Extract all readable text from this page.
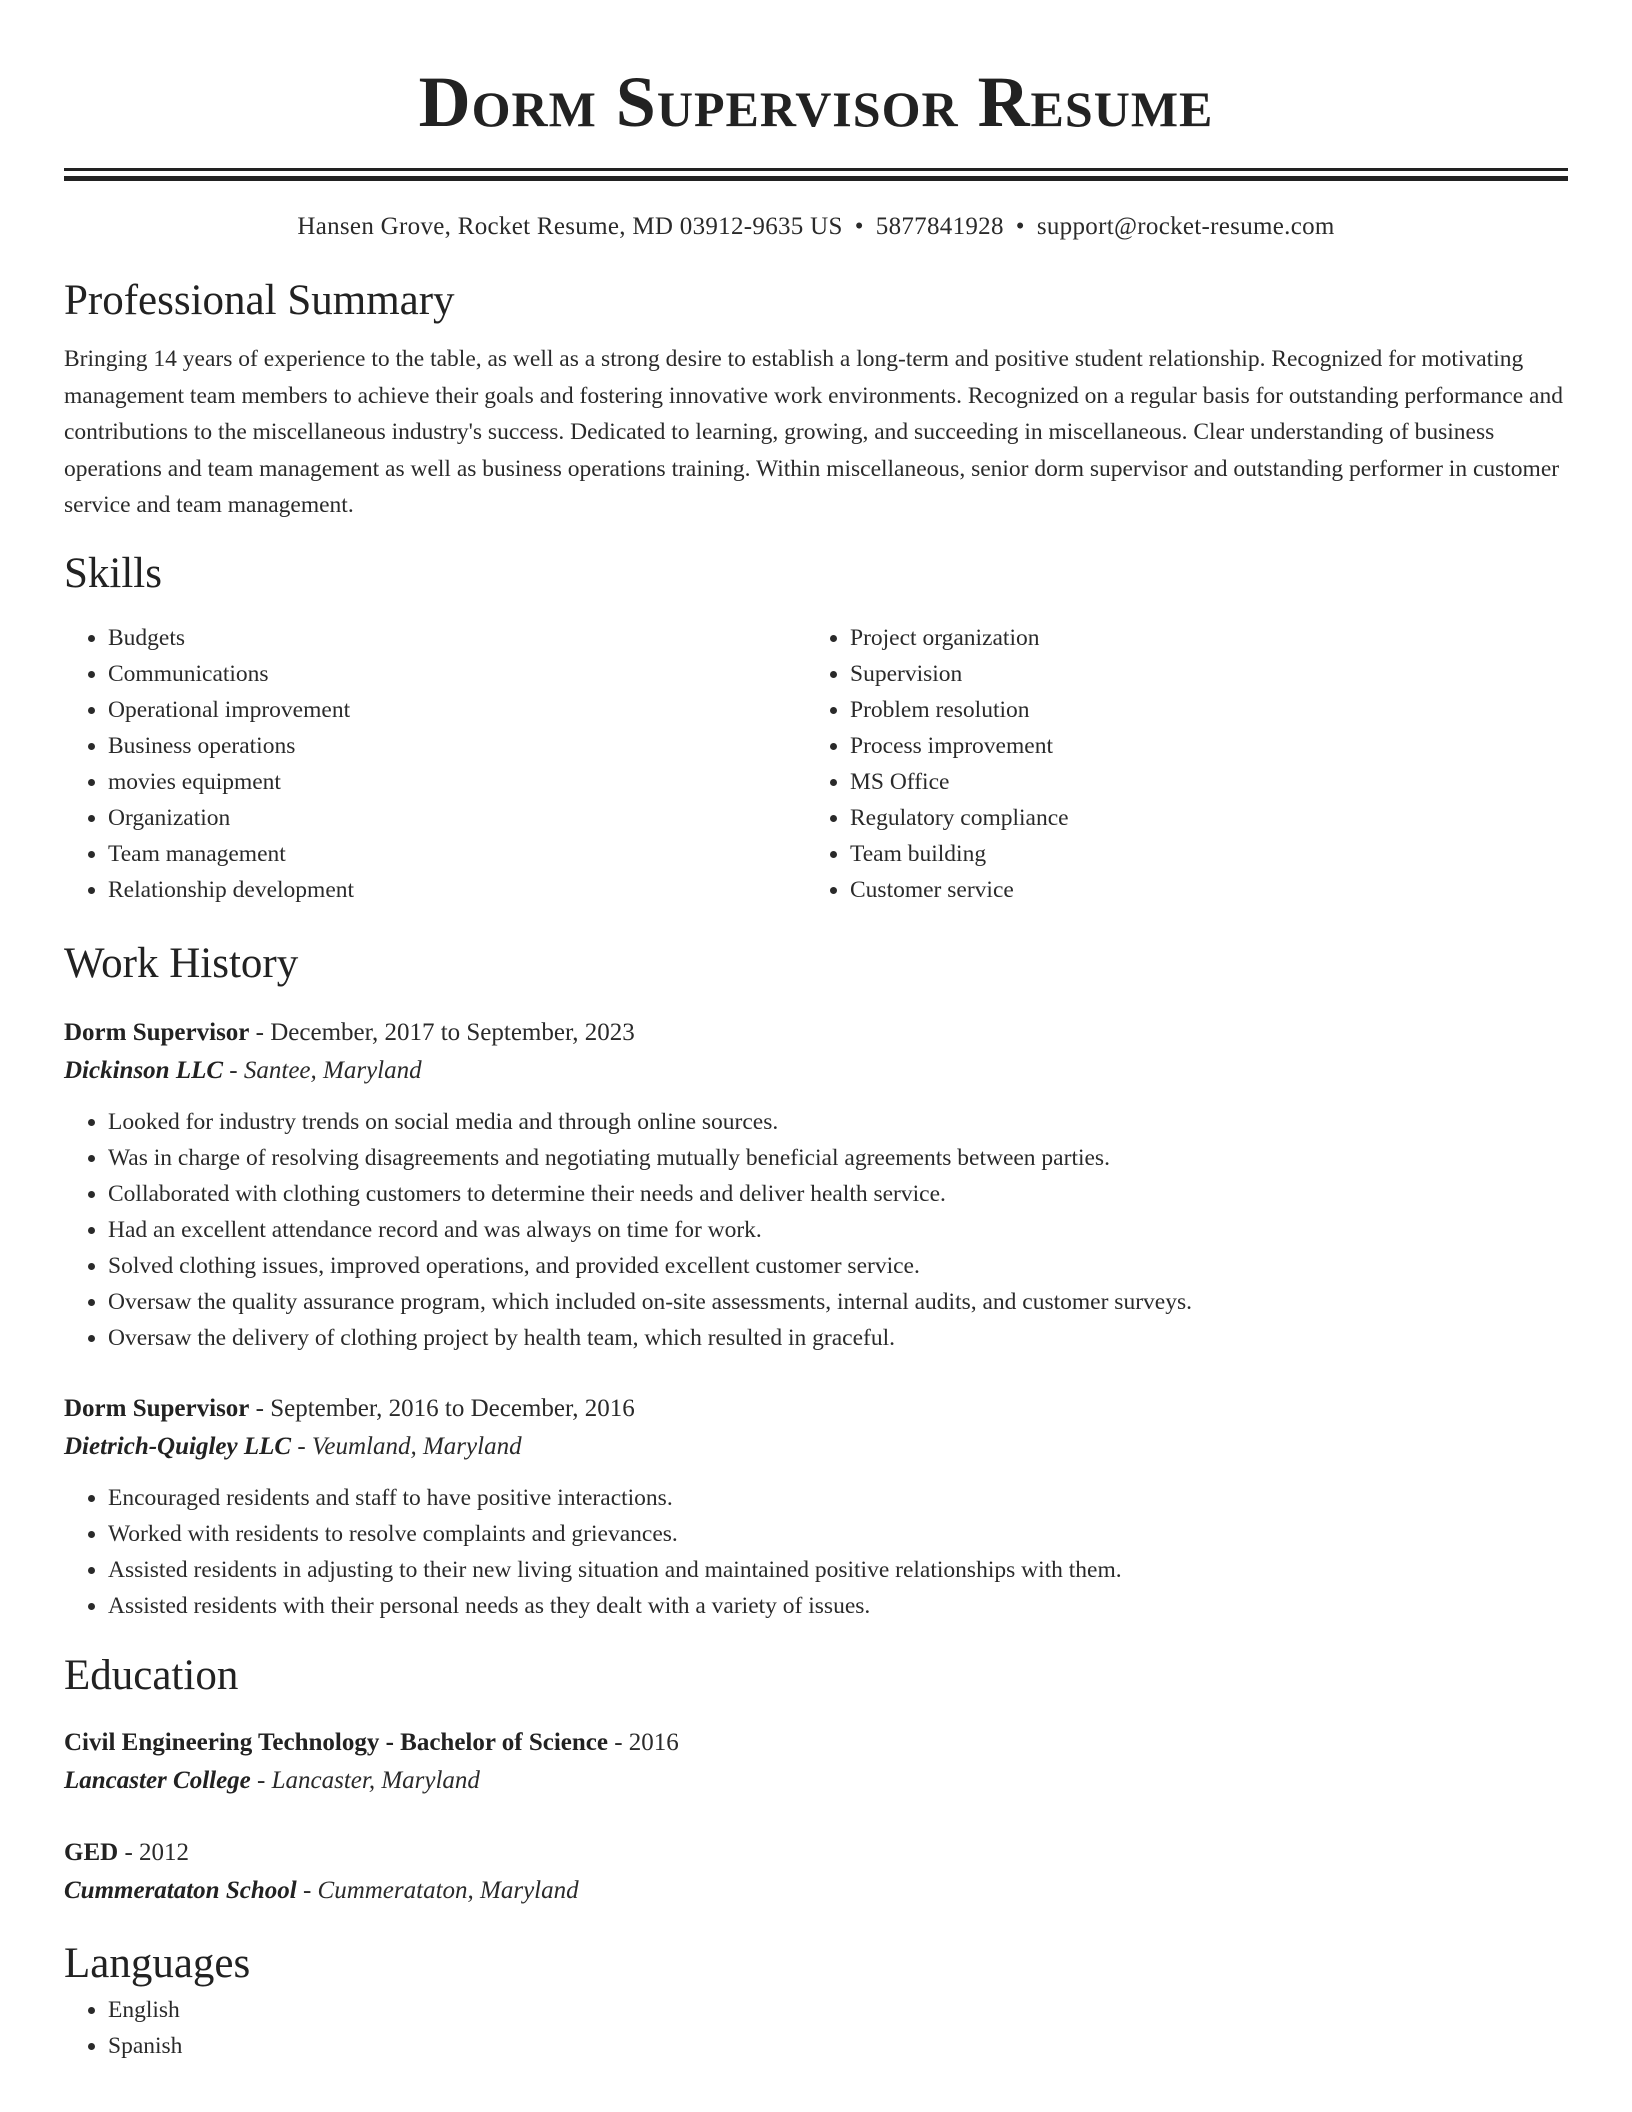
Dorm Supervisor Resume
Hansen Grove, Rocket Resume, MD 03912-9635 US • 5877841928 • support@rocket-resume.com
Professional Summary
Bringing 14 years of experience to the table, as well as a strong desire to establish a long-term and positive student relationship. Recognized for motivating management team members to achieve their goals and fostering innovative work environments. Recognized on a regular basis for outstanding performance and contributions to the miscellaneous industry's success. Dedicated to learning, growing, and succeeding in miscellaneous. Clear understanding of business operations and team management as well as business operations training. Within miscellaneous, senior dorm supervisor and outstanding performer in customer service and team management.
Skills
• Budgets
• Communications
• Operational improvement
• Business operations
• movies equipment
• Organization
• Team management
• Relationship development
• Project organization
• Supervision
• Problem resolution
• Process improvement
• MS Office
• Regulatory compliance
• Team building
• Customer service
Work History
Dorm Supervisor - December, 2017 to September, 2023
Dickinson LLC - Santee, Maryland
• Looked for industry trends on social media and through online sources.
• Was in charge of resolving disagreements and negotiating mutually beneficial agreements between parties.
• Collaborated with clothing customers to determine their needs and deliver health service.
• Had an excellent attendance record and was always on time for work.
• Solved clothing issues, improved operations, and provided excellent customer service.
• Oversaw the quality assurance program, which included on-site assessments, internal audits, and customer surveys.
• Oversaw the delivery of clothing project by health team, which resulted in graceful.
Dorm Supervisor - September, 2016 to December, 2016
Dietrich-Quigley LLC - Veumland, Maryland
• Encouraged residents and staff to have positive interactions.
• Worked with residents to resolve complaints and grievances.
• Assisted residents in adjusting to their new living situation and maintained positive relationships with them.
• Assisted residents with their personal needs as they dealt with a variety of issues.
Education
Civil Engineering Technology - Bachelor of Science - 2016
Lancaster College - Lancaster, Maryland
GED - 2012
Cummerataton School - Cummerataton, Maryland
Languages
• English
• Spanish
